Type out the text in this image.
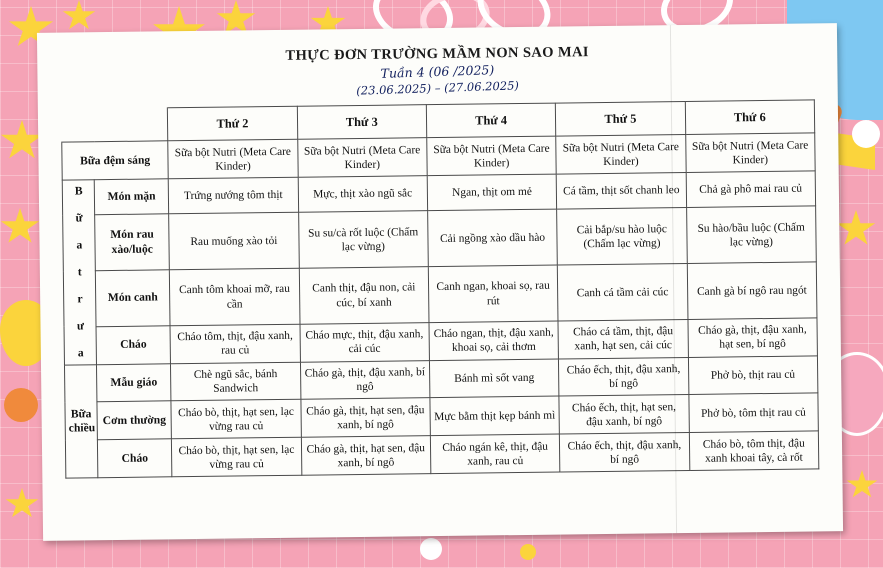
THỰC ĐƠN TRƯỜNG MẦM NON SAO MAI
Tuần 4 (06 /2025)
(23.06.2025) – (27.06.2025)
		Thứ 2	Thứ 3	Thứ 4	Thứ 5	Thứ 6
Bữa đệm sáng		Sữa bột Nutri (Meta Care Kinder)	Sữa bột Nutri (Meta Care Kinder)	Sữa bột Nutri (Meta Care Kinder)	Sữa bột Nutri (Meta Care Kinder)	Sữa bột Nutri (Meta Care Kinder)
B ữ a t r ư a	Món mặn	Trứng nướng tôm thịt	Mực, thịt xào ngũ sắc	Ngan, thịt om mẻ	Cá tầm, thịt sốt chanh leo	Chả gà phô mai rau củ
	Món rau xào/luộc	Rau muống xào tỏi	Su su/cà rốt luộc (Chấm lạc vừng)	Cải ngồng xào dầu hào	Cải bắp/su hào luộc (Chấm lạc vừng)	Su hào/bầu luộc (Chấm lạc vừng)
	Món canh	Canh tôm khoai mỡ, rau cần	Canh thịt, đậu non, cải cúc, bí xanh	Canh ngan, khoai sọ, rau rút	Canh cá tầm cải cúc	Canh gà bí ngô rau ngót
	Cháo	Cháo tôm, thịt, đậu xanh, rau củ	Cháo mực, thịt, đậu xanh, cải cúc	Cháo ngan, thịt, đậu xanh, khoai sọ, cải thơm	Cháo cá tầm, thịt, đậu xanh, hạt sen, cải cúc	Cháo gà, thịt, đậu xanh, hạt sen, bí ngô
Bữa chiều	Mẫu giáo	Chè ngũ sắc, bánh Sandwich	Cháo gà, thịt, đậu xanh, bí ngô	Bánh mì sốt vang	Cháo ếch, thịt, đậu xanh, bí ngô	Phở bò, thịt rau củ
	Cơm thường	Cháo bò, thịt, hạt sen, lạc vừng rau củ	Cháo gà, thịt, hạt sen, đậu xanh, bí ngô	Mực bằm thịt kẹp bánh mì	Cháo ếch, thịt, hạt sen, đậu xanh, bí ngô	Phở bò, tôm thịt rau củ
	Cháo	Cháo bò, thịt, hạt sen, lạc vừng rau củ	Cháo gà, thịt, hạt sen, đậu xanh, bí ngô	Cháo ngán kê, thịt, đậu xanh, rau củ	Cháo ếch, thịt, đậu xanh, bí ngô	Cháo bò, tôm thịt, đậu xanh khoai tây, cà rốt
